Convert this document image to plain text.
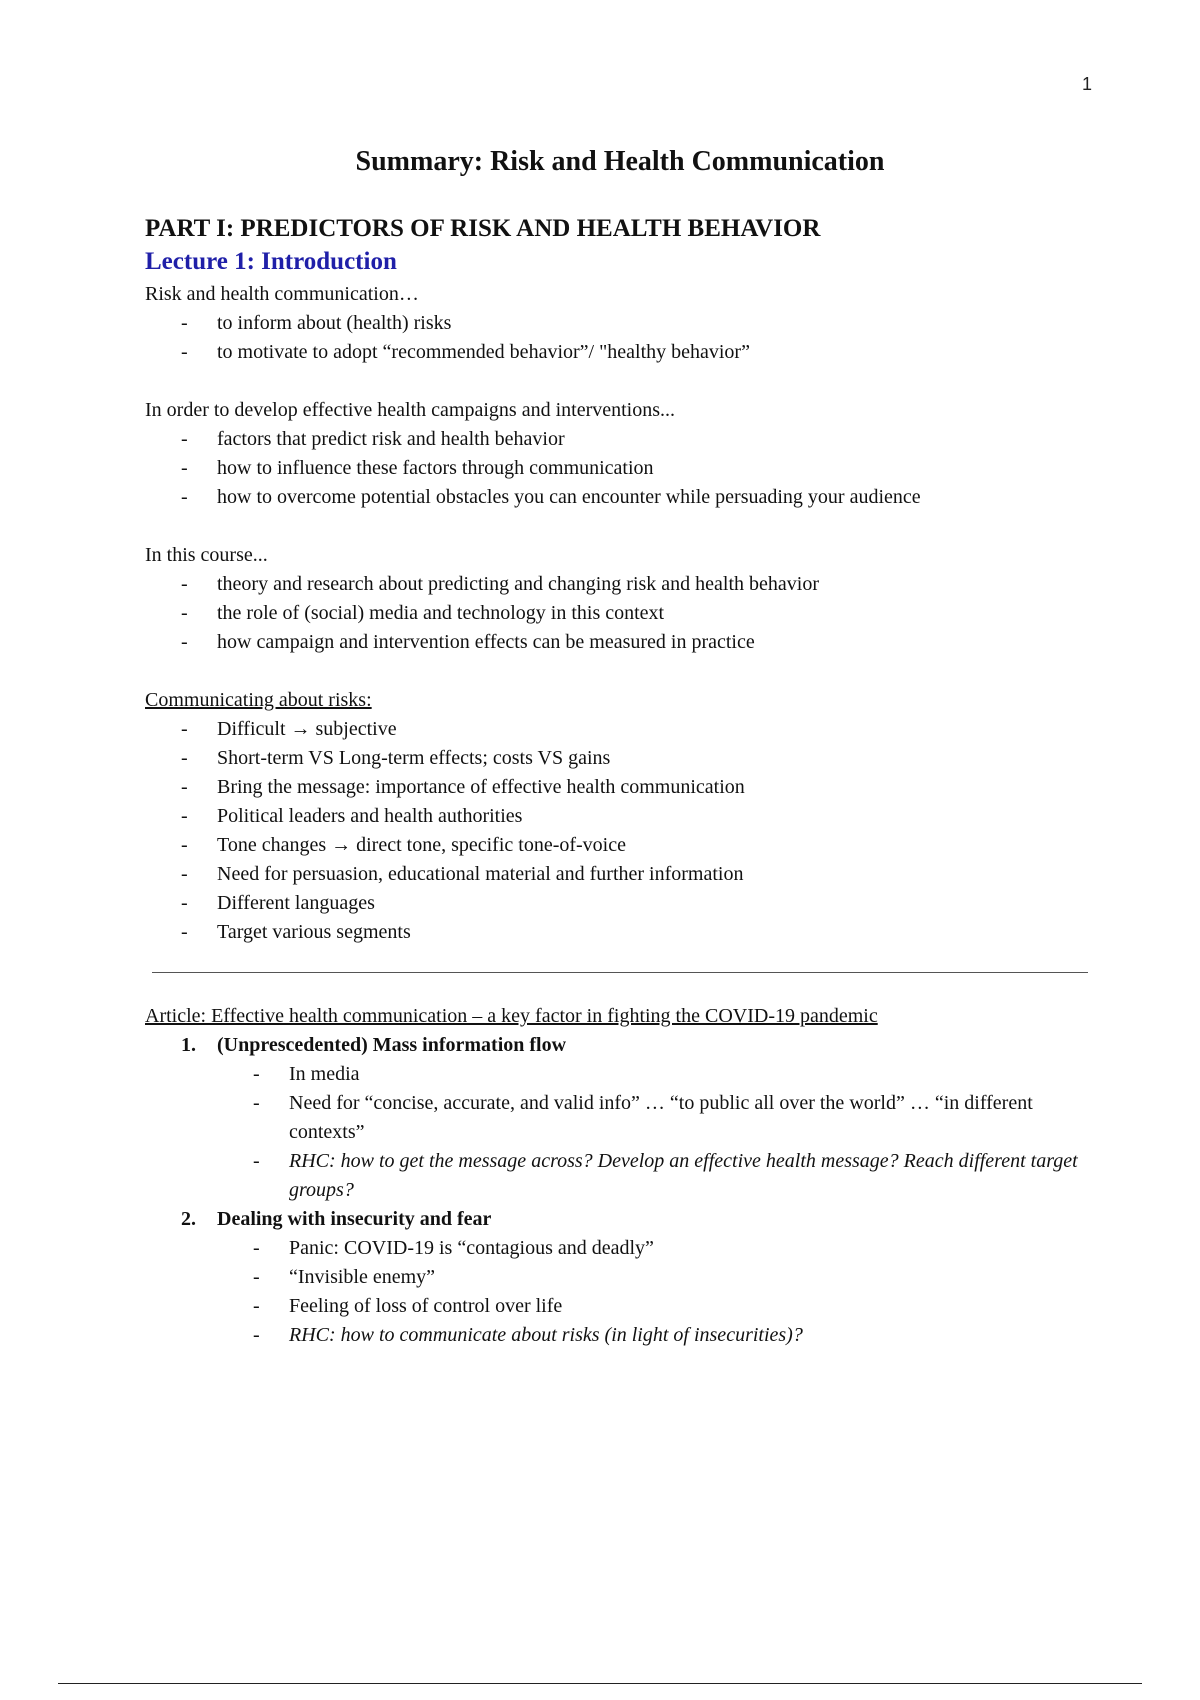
1
Summary: Risk and Health Communication
PART I: PREDICTORS OF RISK AND HEALTH BEHAVIOR
Lecture 1: Introduction

Risk and health communication…

- to inform about (health) risks
- to motivate to adopt “recommended behavior”/ "healthy behavior”

In order to develop effective health campaigns and interventions...

- factors that predict risk and health behavior
- how to influence these factors through communication
- how to overcome potential obstacles you can encounter while persuading your audience

In this course...

- theory and research about predicting and changing risk and health behavior
- the role of (social) media and technology in this context
- how campaign and intervention effects can be measured in practice

Communicating about risks:

- Difficult → subjective
- Short-term VS Long-term effects; costs VS gains
- Bring the message: importance of effective health communication
- Political leaders and health authorities
- Tone changes → direct tone, specific tone-of-voice
- Need for persuasion, educational material and further information
- Different languages
- Target various segments

Article: Effective health communication – a key factor in fighting the COVID-19 pandemic

1. (Unprescedented) Mass information flow
- In media
- Need for “concise, accurate, and valid info” … “to public all over the world” … “in different contexts”
- RHC: how to get the message across? Develop an effective health message? Reach different target groups?
2. Dealing with insecurity and fear
- Panic: COVID-19 is “contagious and deadly”
- “Invisible enemy”
- Feeling of loss of control over life
- RHC: how to communicate about risks (in light of insecurities)?
